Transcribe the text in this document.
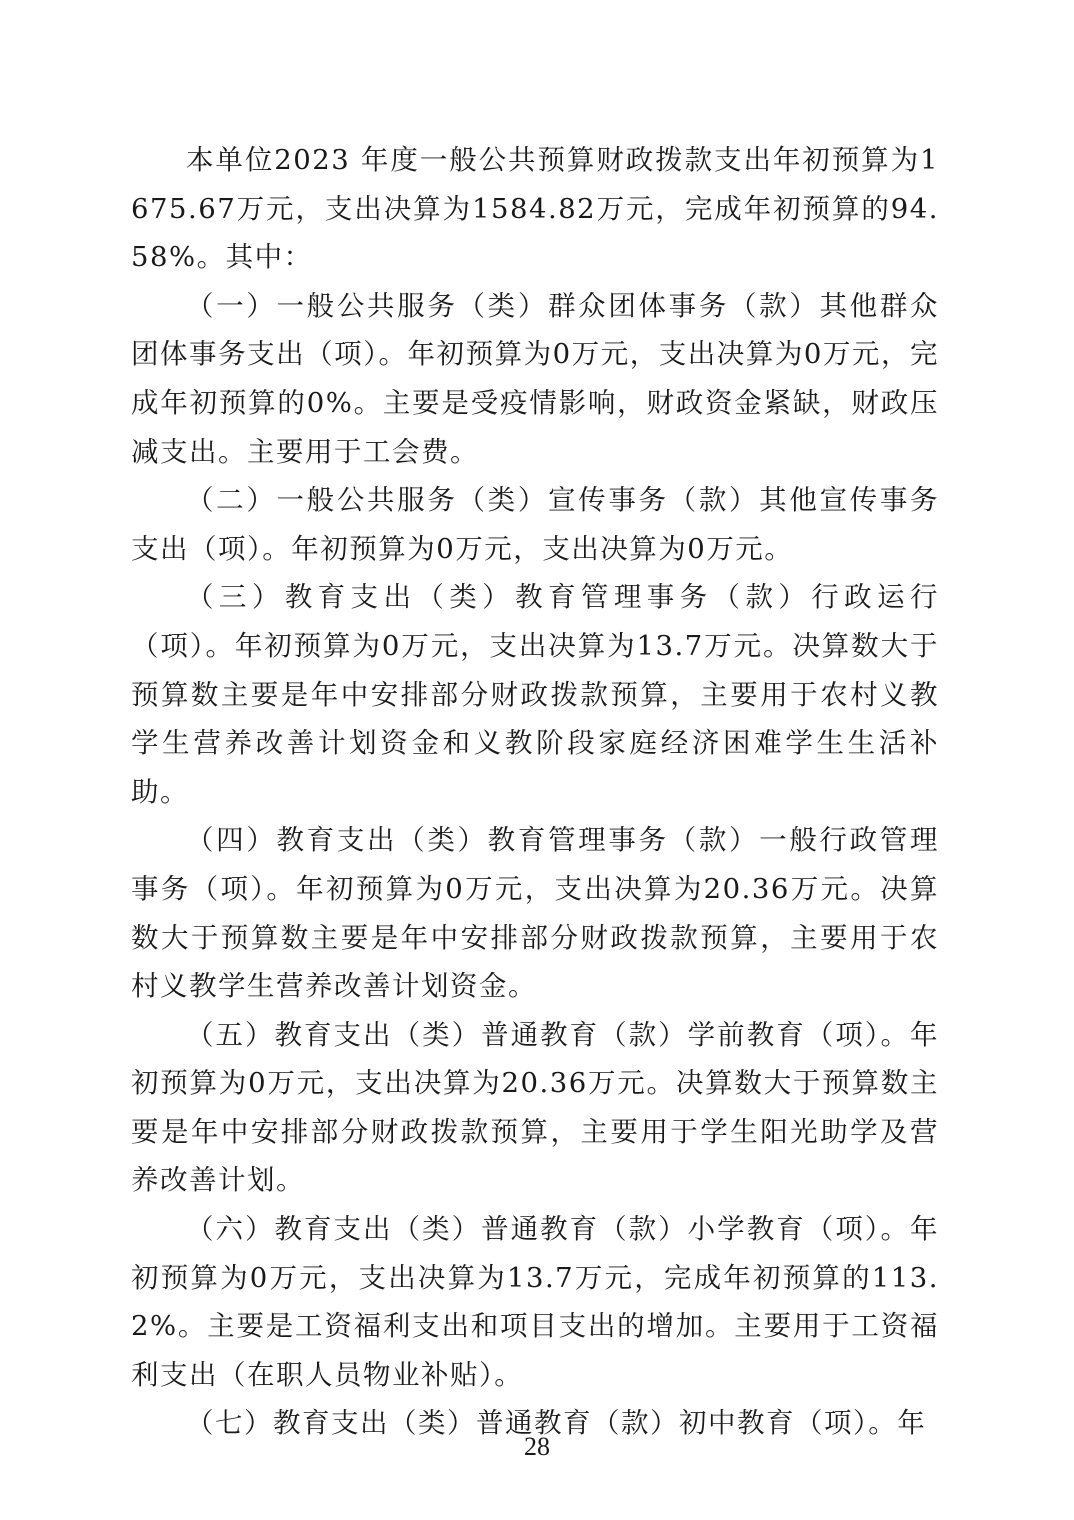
本单位2023 年度一般公共预算财政拨款支出年初预算为1675.67万元，支出决算为1584.82万元，完成年初预算的94.58%。其中：

（一）一般公共服务（类）群众团体事务（款）其他群众团体事务支出（项）。年初预算为0万元，支出决算为0万元，完成年初预算的0%。主要是受疫情影响，财政资金紧缺，财政压减支出。主要用于工会费。

（二）一般公共服务（类）宣传事务（款）其他宣传事务支出（项）。年初预算为0万元，支出决算为0万元。

（三）教育支出（类）教育管理事务（款）行政运行（项）。年初预算为0万元，支出决算为13.7万元。决算数大于预算数主要是年中安排部分财政拨款预算，主要用于农村义教学生营养改善计划资金和义教阶段家庭经济困难学生生活补助。

（四）教育支出（类）教育管理事务（款）一般行政管理事务（项）。年初预算为0万元，支出决算为20.36万元。决算数大于预算数主要是年中安排部分财政拨款预算，主要用于农村义教学生营养改善计划资金。

（五）教育支出（类）普通教育（款）学前教育（项）。年初预算为0万元，支出决算为20.36万元。决算数大于预算数主要是年中安排部分财政拨款预算，主要用于学生阳光助学及营养改善计划。

（六）教育支出（类）普通教育（款）小学教育（项）。年初预算为0万元，支出决算为13.7万元，完成年初预算的113.2%。主要是工资福利支出和项目支出的增加。主要用于工资福利支出（在职人员物业补贴）。

（七）教育支出（类）普通教育（款）初中教育（项）。年

28
